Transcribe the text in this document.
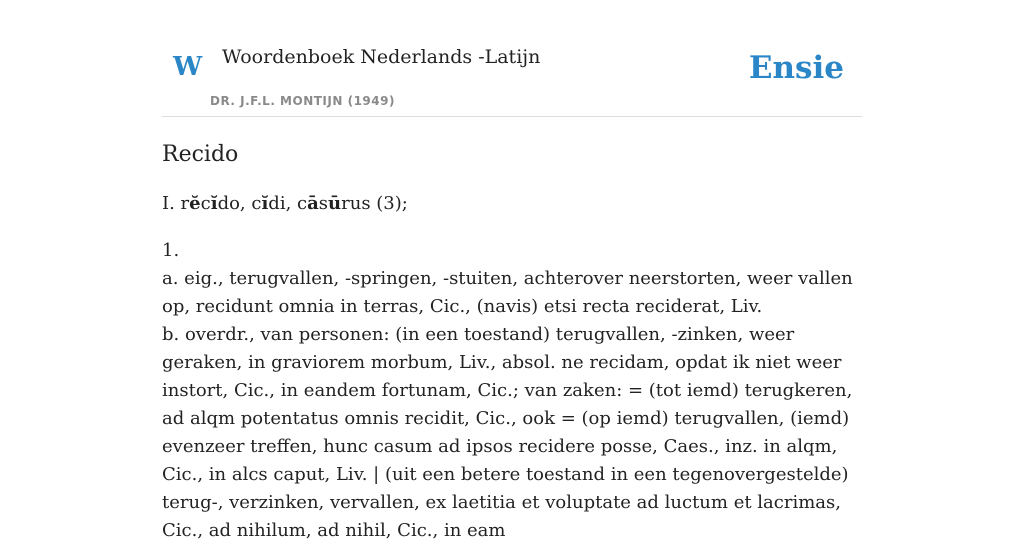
W Woordenboek Nederlands -Latijn
DR. J.F.L. MONTIJN (1949)
Ensie
Recido
I. rĕcĭdo, cĭdi, cāsūrus (3);

1.

a. eig., terugvallen, -springen, -stuiten, achterover neerstorten, weer vallen op, recidunt omnia in terras, Cic., (navis) etsi recta reciderat, Liv.

b. overdr., van personen: (in een toestand) terugvallen, -zinken, weer geraken, in graviorem morbum, Liv., absol. ne recidam, opdat ik niet weer instort, Cic., in eandem fortunam, Cic.; van zaken: = (tot iemd) terugkeren, ad alqm potentatus omnis recidit, Cic., ook = (op iemd) terugvallen, (iemd) evenzeer treffen, hunc casum ad ipsos recidere posse, Caes., inz. in alqm, Cic., in alcs caput, Liv. | (uit een betere toestand in een tegenovergestelde) terug-, verzinken, vervallen, ex laetitia et voluptate ad luctum et lacrimas, Cic., ad nihilum, ad nihil, Cic., in eam
